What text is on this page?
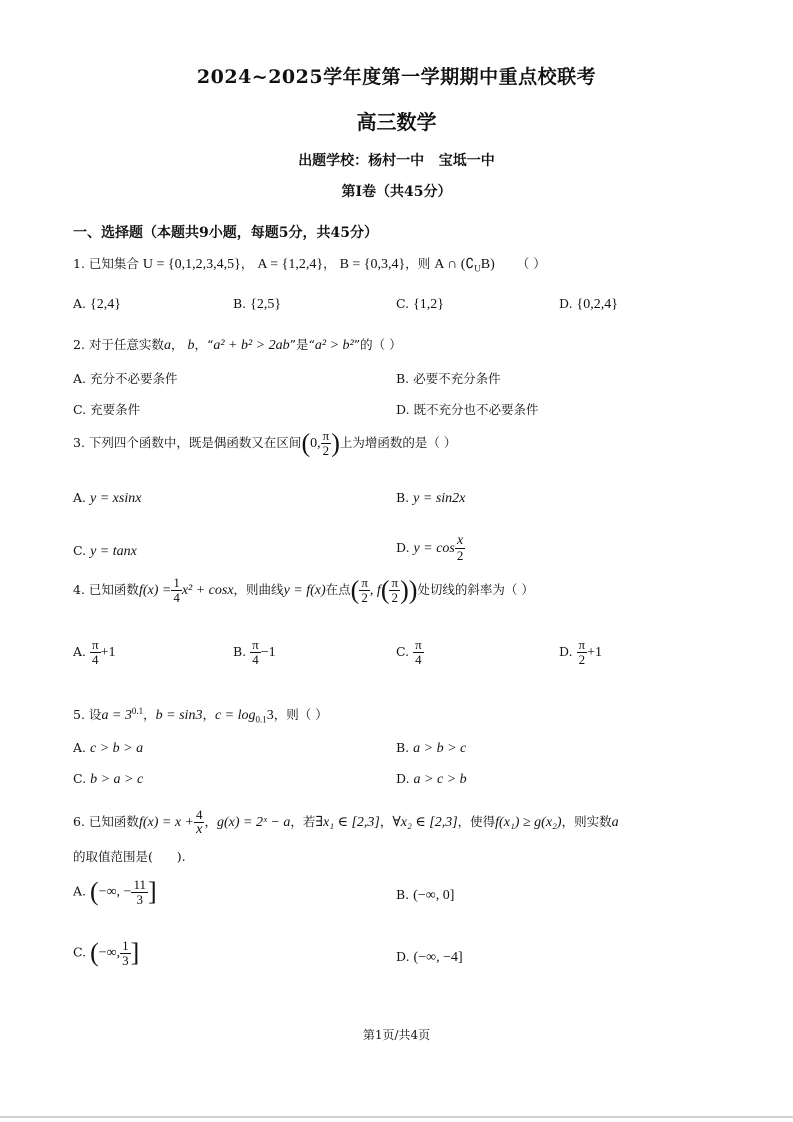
2024~2025学年度第一学期期中重点校联考
高三数学
出题学校：杨村一中   宝坻一中
第Ⅰ卷（共45分）
一、选择题（本题共9小题，每题5分，共45分）
1. 已知集合 U = {0,1,2,3,4,5}， A = {1,2,4}， B = {0,3,4}，则 A ∩ $(∁_UB)$ （ ）
A. {2,4}	B. {2,5}	C. {1,2}	D. {0,2,4}
2. 对于任意实数a， b，“a² + b² > 2ab”是“a² > b²”的（ ）
A. 充分不必要条件	B. 必要不充分条件
C. 充要条件	D. 既不充分也不必要条件
3. 下列四个函数中，既是偶函数又在区间(0, $\frac{\pi}{2}$ )上为增函数的是（ ）
A. y = xsinx	B. y = sin2x
C. y = tanx	D. $y = \cos \frac{x}{2}$
4. 已知函数$f(x) = \frac{1}{4} x^2 + \cos x$，则曲线y = f(x)在点( $\frac{\pi}{2}$ , $f( \frac{\pi}{2}$ ))处切线的斜率为（ ）
A. $\frac{\pi}{4} +1$	B. $\frac{\pi}{4} -1$	C. $\frac{\pi}{4}$	D. $\frac{\pi}{2} +1$
5. 设$a = 3^{0.1}$，b = sin3，$c = \log_{0.1}3$，则（ ）
A. c > b > a	B. a > b > c
C. b > a > c	D. a > c > b
6. 已知函数$f(x) = x + \frac{4}{x}$ ，g(x) = 2ˣ − a，若∃x₁ ∈ [2,3]，∀x₂ ∈ [2,3]，使得f(x₁) ≥ g(x₂)，则实数a
的取值范围是(      ).
A. (−∞, − $\frac{11}{3}$ ]	B. (−∞, 0]
C. (−∞, $\frac{1}{3}$ ]	D. (−∞, −4]
第1页/共4页
